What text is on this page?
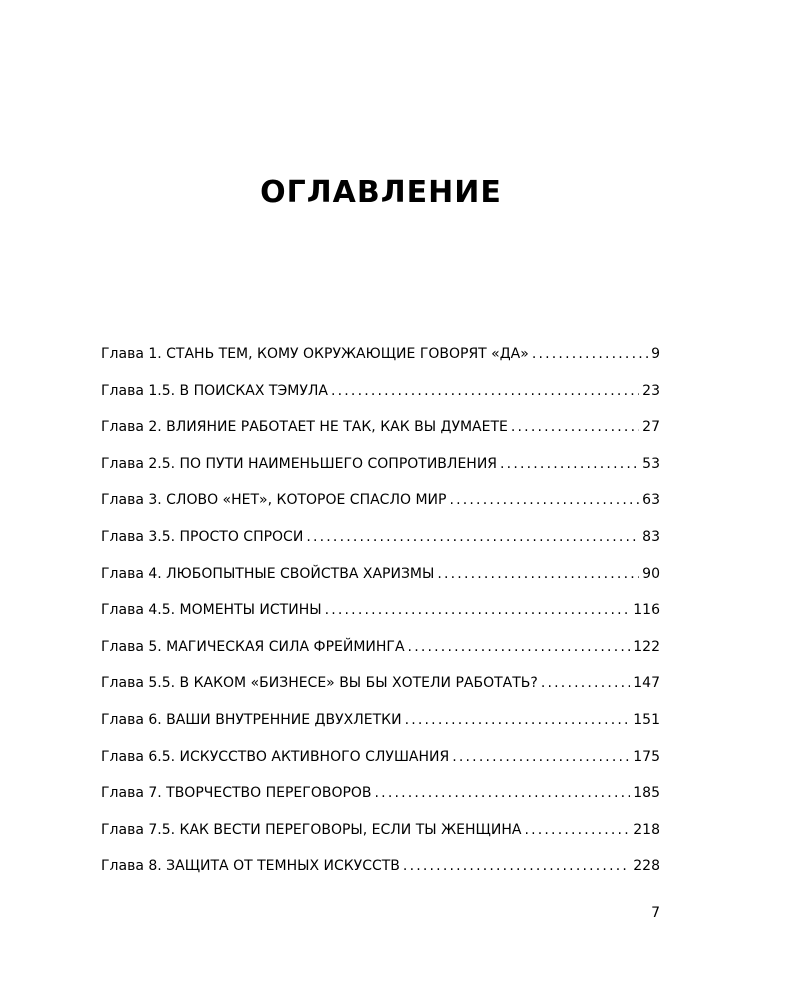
ОГЛАВЛЕНИЕ
Глава 1. СТАНЬ ТЕМ, КОМУ ОКРУЖАЮЩИЕ ГОВОРЯТ «ДА» .....	9
Глава 1.5. В ПОИСКАХ ТЭМУЛА .....	23
Глава 2. ВЛИЯНИЕ РАБОТАЕТ НЕ ТАК, КАК ВЫ ДУМАЕТЕ .....	27
Глава 2.5. ПО ПУТИ НАИМЕНЬШЕГО СОПРОТИВЛЕНИЯ .....	53
Глава 3. СЛОВО «НЕТ», КОТОРОЕ СПАСЛО МИР .....	63
Глава 3.5. ПРОСТО СПРОСИ .....	83
Глава 4. ЛЮБОПЫТНЫЕ СВОЙСТВА ХАРИЗМЫ .....	90
Глава 4.5. МОМЕНТЫ ИСТИНЫ .....	116
Глава 5. МАГИЧЕСКАЯ СИЛА ФРЕЙМИНГА .....	122
Глава 5.5. В КАКОМ «БИЗНЕСЕ» ВЫ БЫ ХОТЕЛИ РАБОТАТЬ? .....	147
Глава 6. ВАШИ ВНУТРЕННИЕ ДВУХЛЕТКИ .....	151
Глава 6.5. ИСКУССТВО АКТИВНОГО СЛУШАНИЯ .....	175
Глава 7. ТВОРЧЕСТВО ПЕРЕГОВОРОВ .....	185
Глава 7.5. КАК ВЕСТИ ПЕРЕГОВОРЫ, ЕСЛИ ТЫ ЖЕНЩИНА .....	218
Глава 8. ЗАЩИТА ОТ ТЕМНЫХ ИСКУССТВ .....	228
7
